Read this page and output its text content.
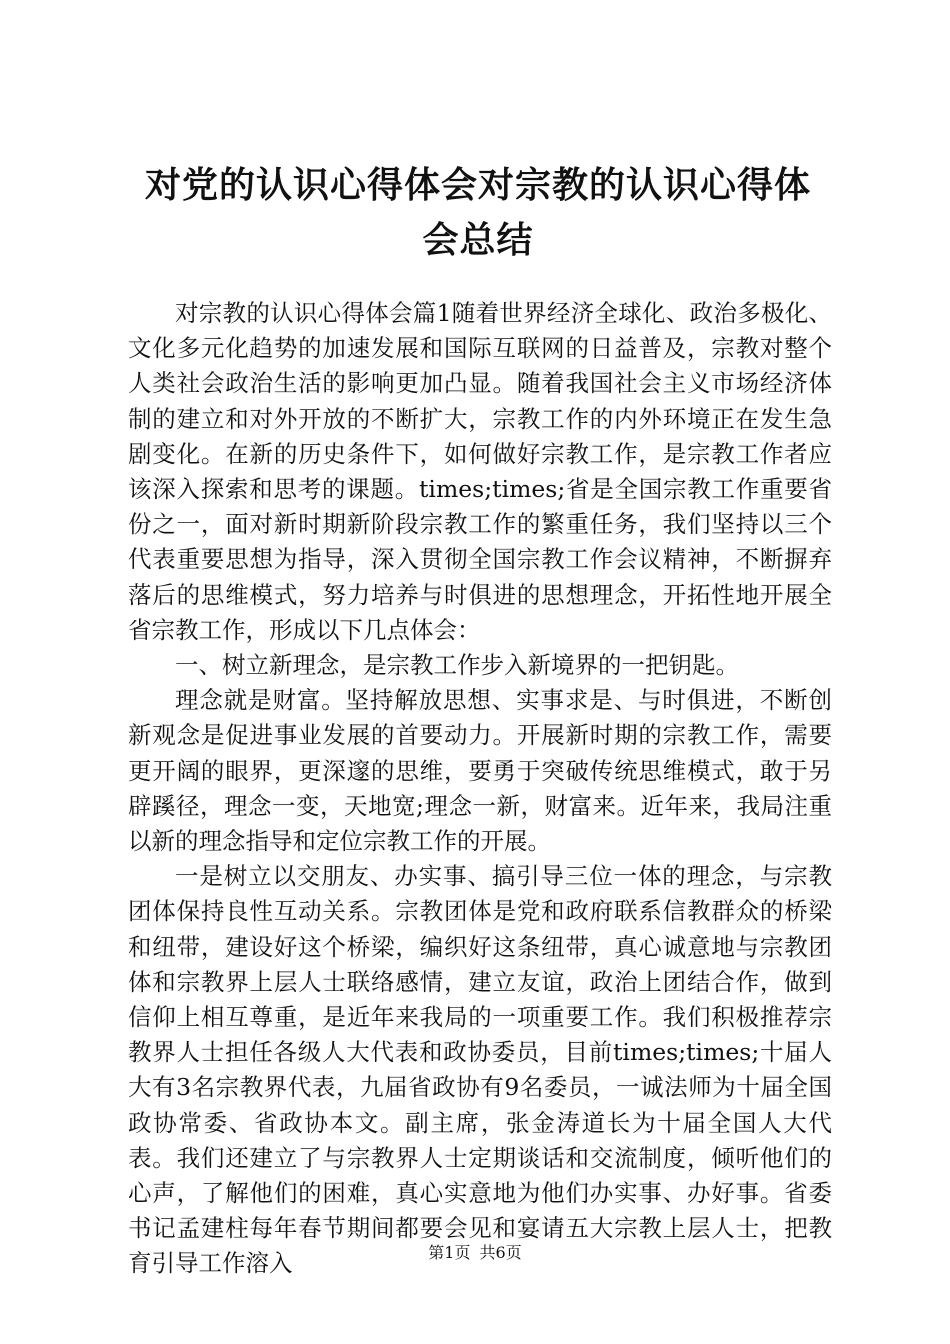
对党的认识心得体会对宗教的认识心得体会总结

对宗教的认识心得体会篇1随着世界经济全球化、政治多极化、文化多元化趋势的加速发展和国际互联网的日益普及，宗教对整个人类社会政治生活的影响更加凸显。随着我国社会主义市场经济体制的建立和对外开放的不断扩大，宗教工作的内外环境正在发生急剧变化。在新的历史条件下，如何做好宗教工作，是宗教工作者应该深入探索和思考的课题。times;times;省是全国宗教工作重要省份之一，面对新时期新阶段宗教工作的繁重任务，我们坚持以三个代表重要思想为指导，深入贯彻全国宗教工作会议精神，不断摒弃落后的思维模式，努力培养与时俱进的思想理念，开拓性地开展全省宗教工作，形成以下几点体会：

一、树立新理念，是宗教工作步入新境界的一把钥匙。

理念就是财富。坚持解放思想、实事求是、与时俱进，不断创新观念是促进事业发展的首要动力。开展新时期的宗教工作，需要更开阔的眼界，更深邃的思维，要勇于突破传统思维模式，敢于另辟蹊径，理念一变，天地宽;理念一新，财富来。近年来，我局注重以新的理念指导和定位宗教工作的开展。

一是树立以交朋友、办实事、搞引导三位一体的理念，与宗教团体保持良性互动关系。宗教团体是党和政府联系信教群众的桥梁和纽带，建设好这个桥梁，编织好这条纽带，真心诚意地与宗教团体和宗教界上层人士联络感情，建立友谊，政治上团结合作，做到信仰上相互尊重，是近年来我局的一项重要工作。我们积极推荐宗教界人士担任各级人大代表和政协委员，目前times;times;十届人大有3名宗教界代表，九届省政协有9名委员，一诚法师为十届全国政协常委、省政协本文。副主席，张金涛道长为十届全国人大代表。我们还建立了与宗教界人士定期谈话和交流制度，倾听他们的心声，了解他们的困难，真心实意地为他们办实事、办好事。省委书记孟建柱每年春节期间都要会见和宴请五大宗教上层人士，把教育引导工作溶入	第1页 共6页
